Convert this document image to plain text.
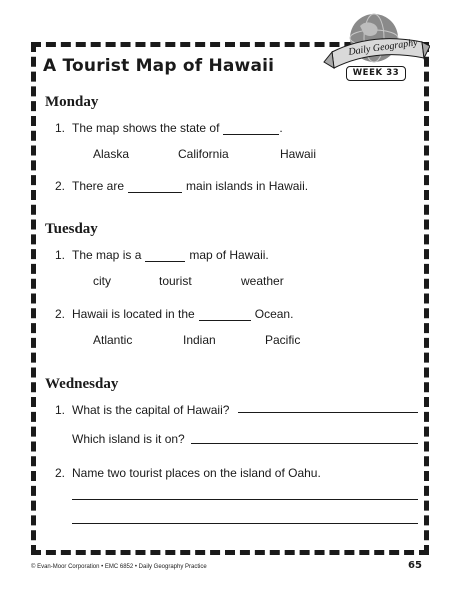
A Tourist Map of Hawaii
Daily Geography
WEEK 33
Monday
1. The map shows the state of	.
Alaska	California	Hawaii
2. There are	main islands in Hawaii.
Tuesday
1. The map is a	map of Hawaii.
city	tourist	weather
2. Hawaii is located in the	Ocean.
Atlantic	Indian	Pacific
Wednesday
1. What is the capital of Hawaii?
Which island is it on?
2. Name two tourist places on the island of Oahu.
© Evan-Moor Corporation • EMC 6852 • Daily Geography Practice	65
